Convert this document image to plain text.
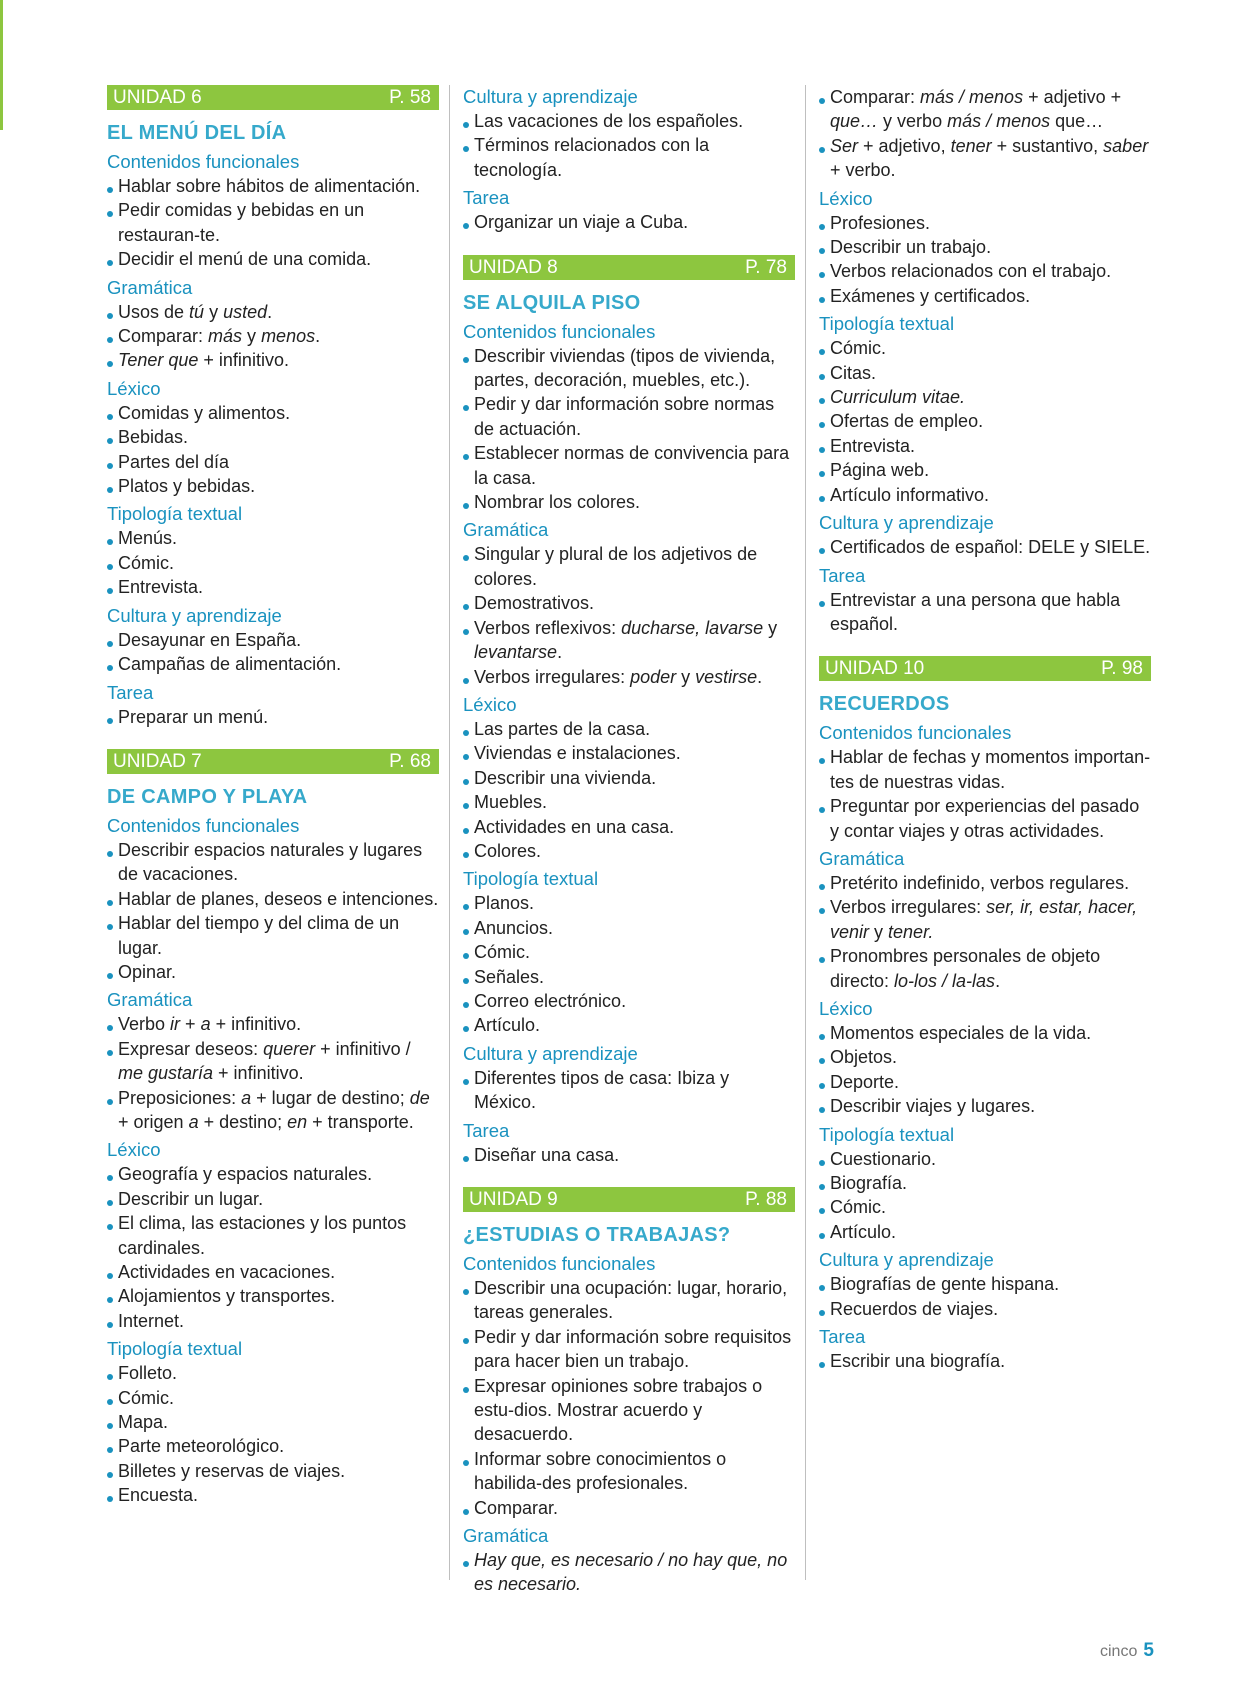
UNIDAD 6	P. 58
EL MENÚ DEL DÍA
Contenidos funcionales
Hablar sobre hábitos de alimentación.
Pedir comidas y bebidas en un restauran-te.
Decidir el menú de una comida.
Gramática
Usos de tú y usted.
Comparar: más y menos.
Tener que + infinitivo.
Léxico
Comidas y alimentos.
Bebidas.
Partes del día
Platos y bebidas.
Tipología textual
Menús.
Cómic.
Entrevista.
Cultura y aprendizaje
Desayunar en España.
Campañas de alimentación.
Tarea
Preparar un menú.
UNIDAD 7	P. 68
DE CAMPO Y PLAYA
Contenidos funcionales
Describir espacios naturales y lugares de vacaciones.
Hablar de planes, deseos e intenciones.
Hablar del tiempo y del clima de un lugar.
Opinar.
Gramática
Verbo ir + a + infinitivo.
Expresar deseos: querer + infinitivo / me gustaría + infinitivo.
Preposiciones: a + lugar de destino; de + origen a + destino; en + transporte.
Léxico
Geografía y espacios naturales.
Describir un lugar.
El clima, las estaciones y los puntos cardinales.
Actividades en vacaciones.
Alojamientos y transportes.
Internet.
Tipología textual
Folleto.
Cómic.
Mapa.
Parte meteorológico.
Billetes y reservas de viajes.
Encuesta.
Cultura y aprendizaje
Las vacaciones de los españoles.
Términos relacionados con la tecnología.
Tarea
Organizar un viaje a Cuba.
UNIDAD 8	P. 78
SE ALQUILA PISO
Contenidos funcionales
Describir viviendas (tipos de vivienda, partes, decoración, muebles, etc.).
Pedir y dar información sobre normas de actuación.
Establecer normas de convivencia para la casa.
Nombrar los colores.
Gramática
Singular y plural de los adjetivos de colores.
Demostrativos.
Verbos reflexivos: ducharse, lavarse y levantarse.
Verbos irregulares: poder y vestirse.
Léxico
Las partes de la casa.
Viviendas e instalaciones.
Describir una vivienda.
Muebles.
Actividades en una casa.
Colores.
Tipología textual
Planos.
Anuncios.
Cómic.
Señales.
Correo electrónico.
Artículo.
Cultura y aprendizaje
Diferentes tipos de casa: Ibiza y México.
Tarea
Diseñar una casa.
UNIDAD 9	P. 88
¿ESTUDIAS O TRABAJAS?
Contenidos funcionales
Describir una ocupación: lugar, horario, tareas generales.
Pedir y dar información sobre requisitos para hacer bien un trabajo.
Expresar opiniones sobre trabajos o estu-dios. Mostrar acuerdo y desacuerdo.
Informar sobre conocimientos o habilida-des profesionales.
Comparar.
Gramática
Hay que, es necesario / no hay que, no es necesario.
Comparar: más / menos + adjetivo + que… y verbo más / menos que…
Ser + adjetivo, tener + sustantivo, saber + verbo.
Léxico
Profesiones.
Describir un trabajo.
Verbos relacionados con el trabajo.
Exámenes y certificados.
Tipología textual
Cómic.
Citas.
Curriculum vitae.
Ofertas de empleo.
Entrevista.
Página web.
Artículo informativo.
Cultura y aprendizaje
Certificados de español: DELE y SIELE.
Tarea
Entrevistar a una persona que habla español.
UNIDAD 10	P. 98
RECUERDOS
Contenidos funcionales
Hablar de fechas y momentos importan-tes de nuestras vidas.
Preguntar por experiencias del pasado y contar viajes y otras actividades.
Gramática
Pretérito indefinido, verbos regulares.
Verbos irregulares: ser, ir, estar, hacer, venir y tener.
Pronombres personales de objeto directo: lo-los / la-las.
Léxico
Momentos especiales de la vida.
Objetos.
Deporte.
Describir viajes y lugares.
Tipología textual
Cuestionario.
Biografía.
Cómic.
Artículo.
Cultura y aprendizaje
Biografías de gente hispana.
Recuerdos de viajes.
Tarea
Escribir una biografía.
cinco 5
